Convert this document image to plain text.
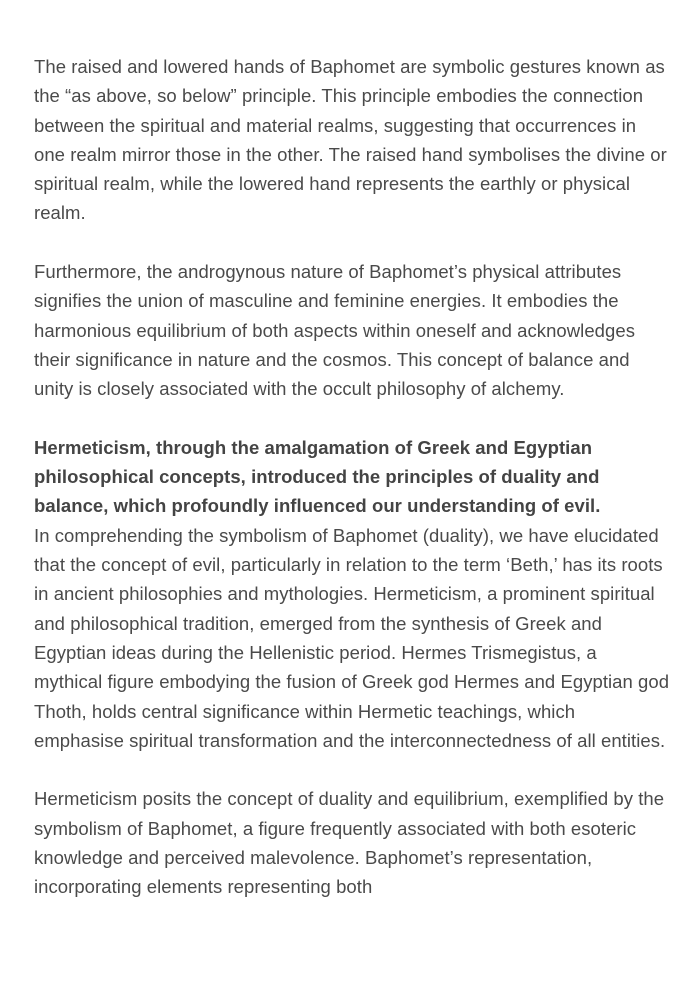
The raised and lowered hands of Baphomet are symbolic gestures known as the “as above, so below” principle. This principle embodies the connection between the spiritual and material realms, suggesting that occurrences in one realm mirror those in the other. The raised hand symbolises the divine or spiritual realm, while the lowered hand represents the earthly or physical realm.

Furthermore, the androgynous nature of Baphomet’s physical attributes signifies the union of masculine and feminine energies. It embodies the harmonious equilibrium of both aspects within oneself and acknowledges their significance in nature and the cosmos. This concept of balance and unity is closely associated with the occult philosophy of alchemy.

Hermeticism, through the amalgamation of Greek and Egyptian philosophical concepts, introduced the principles of duality and balance, which profoundly influenced our understanding of evil.
In comprehending the symbolism of Baphomet (duality), we have elucidated that the concept of evil, particularly in relation to the term ‘Beth,’ has its roots in ancient philosophies and mythologies. Hermeticism, a prominent spiritual and philosophical tradition, emerged from the synthesis of Greek and Egyptian ideas during the Hellenistic period. Hermes Trismegistus, a mythical figure embodying the fusion of Greek god Hermes and Egyptian god Thoth, holds central significance within Hermetic teachings, which emphasise spiritual transformation and the interconnectedness of all entities.

Hermeticism posits the concept of duality and equilibrium, exemplified by the symbolism of Baphomet, a figure frequently associated with both esoteric knowledge and perceived malevolence. Baphomet’s representation, incorporating elements representing both
